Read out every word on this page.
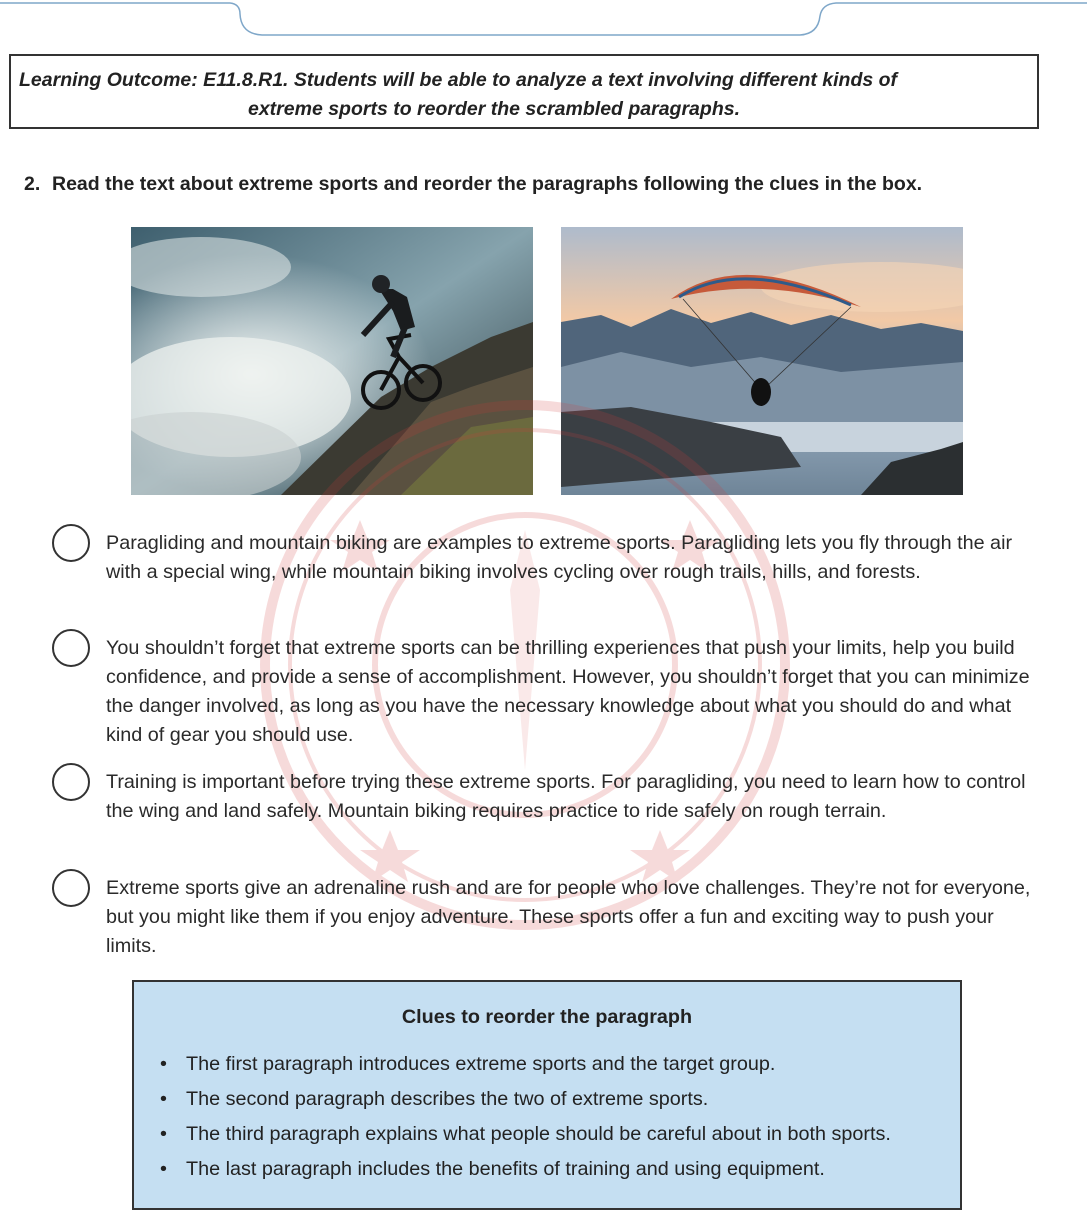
Learning Outcome: E11.8.R1. Students will be able to analyze a text involving different kinds of
extreme sports to reorder the scrambled paragraphs.
2. Read the text about extreme sports and reorder the paragraphs following the clues in the box.
Paragliding and mountain biking are examples to extreme sports. Paragliding lets you fly through the air with a special wing, while mountain biking involves cycling over rough trails, hills, and forests.
You shouldn’t forget that extreme sports can be thrilling experiences that push your limits, help you build confidence, and provide a sense of accomplishment. However, you shouldn’t forget that you can minimize the danger involved, as long as you have the necessary knowledge about what you should do and what kind of gear you should use.
Training is important before trying these extreme sports. For paragliding, you need to learn how to control the wing and land safely. Mountain biking requires practice to ride safely on rough terrain.
Extreme sports give an adrenaline rush and are for people who love challenges. They’re not for everyone, but you might like them if you enjoy adventure. These sports offer a fun and exciting way to push your limits.
Clues to reorder the paragraph
• The first paragraph introduces extreme sports and the target group.
• The second paragraph describes the two of extreme sports.
• The third paragraph explains what people should be careful about in both sports.
• The last paragraph includes the benefits of training and using equipment.
